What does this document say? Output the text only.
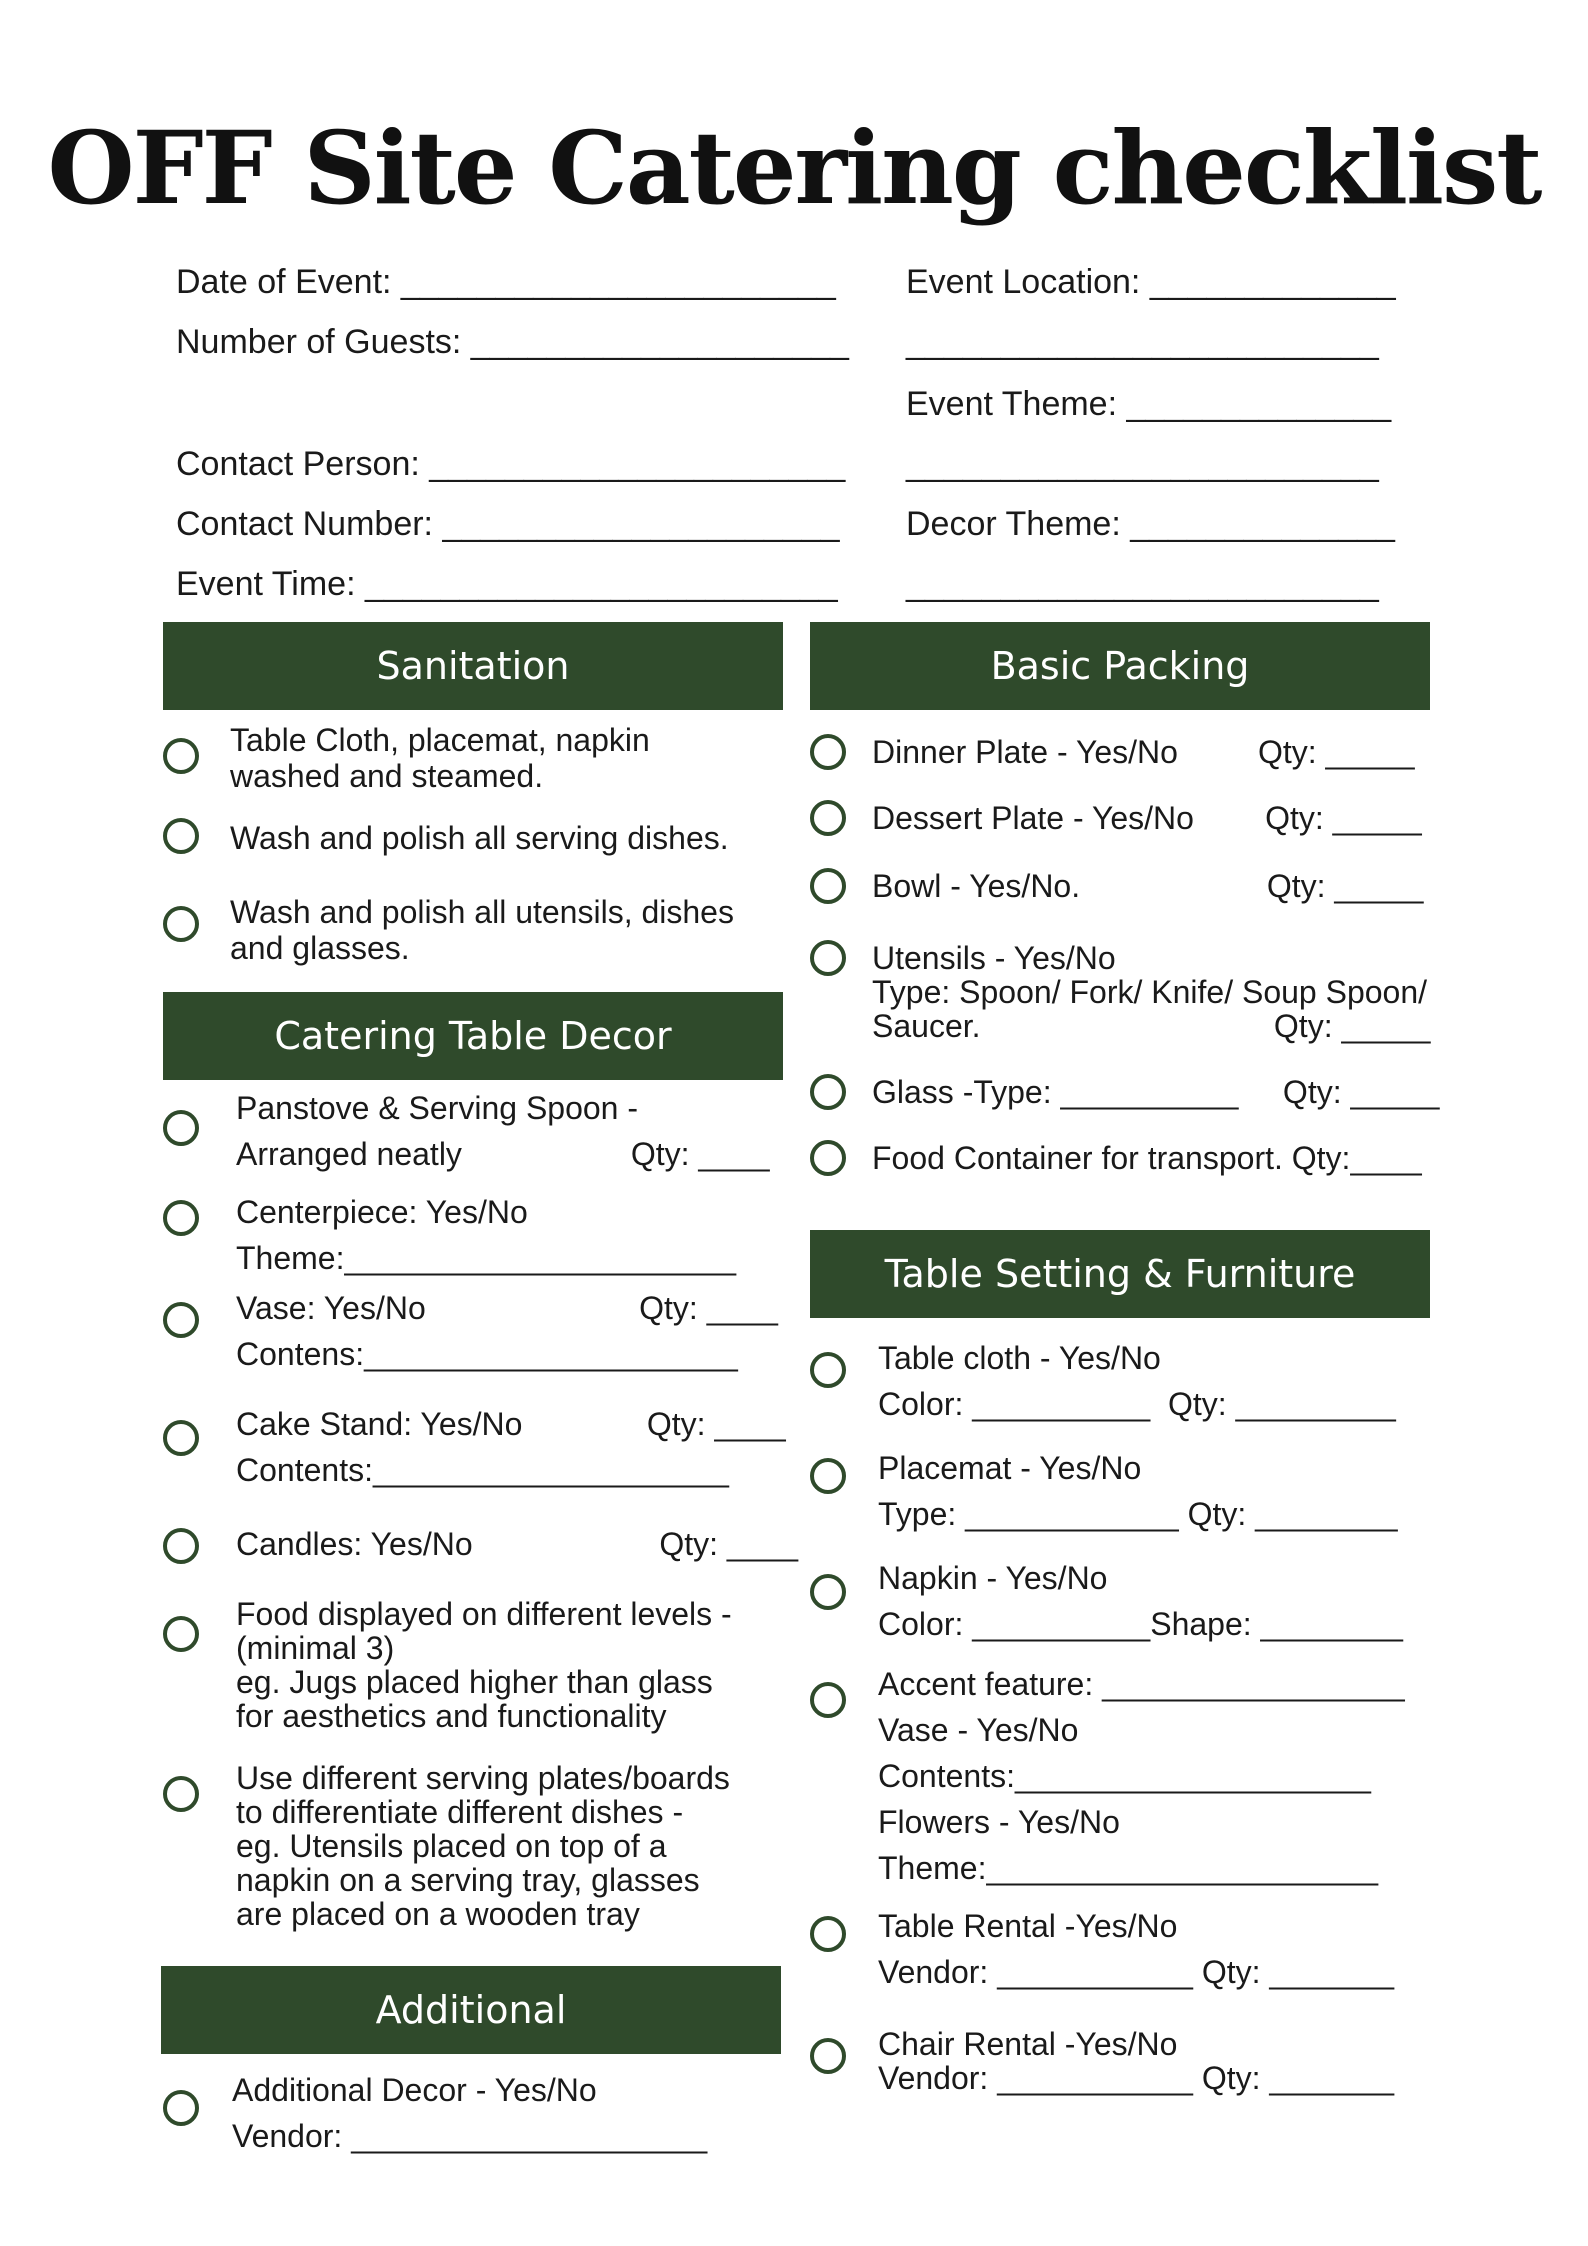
OFF Site Catering checklist
Date of Event: _______________________
Number of Guests: ____________________
Contact Person: ______________________
Contact Number: _____________________
Event Time: _________________________
Event Location: _____________
_________________________
Event Theme: ______________
_________________________
Decor Theme: ______________
_________________________
Sanitation
Catering Table Decor
Additional
Basic Packing
Table Setting & Furniture
Table Cloth, placemat, napkin
washed and steamed.
Wash and polish all serving dishes.
Wash and polish all utensils, dishes
and glasses.
Panstove & Serving Spoon -
Arranged neatly                   Qty: ____
Centerpiece: Yes/No
Theme:______________________
Vase: Yes/No                        Qty: ____
Contens:_____________________
Cake Stand: Yes/No              Qty: ____
Contents:____________________
Candles: Yes/No                     Qty: ____
Food displayed on different levels -
(minimal 3)
eg. Jugs placed higher than glass
for aesthetics and functionality
Use different serving plates/boards
to differentiate different dishes -
eg. Utensils placed on top of a
napkin on a serving tray, glasses
are placed on a wooden tray
Additional Decor - Yes/No
Vendor: ____________________
Dinner Plate - Yes/No         Qty: _____
Dessert Plate - Yes/No        Qty: _____
Bowl - Yes/No.                     Qty: _____
Utensils - Yes/No
Type: Spoon/ Fork/ Knife/ Soup Spoon/
Saucer.                                 Qty: _____
Glass -Type: __________     Qty: _____
Food Container for transport. Qty:____
Table cloth - Yes/No
Color: __________  Qty: _________
Placemat - Yes/No
Type: ____________ Qty: ________
Napkin - Yes/No
Color: __________Shape: ________
Accent feature: _________________
Vase - Yes/No
Contents:____________________
Flowers - Yes/No
Theme:______________________
Table Rental -Yes/No
Vendor: ___________ Qty: _______
Chair Rental -Yes/No
Vendor: ___________ Qty: _______
